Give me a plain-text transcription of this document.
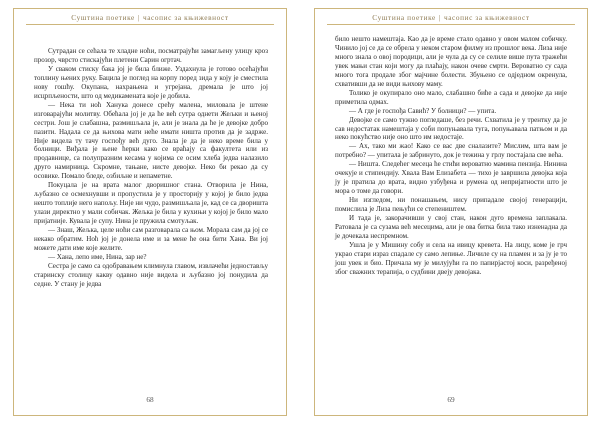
Суштина поетике | часопис за књижевност

Сутрадан се сећала те хладне ноћи, посматрајући замагљену улицу кроз прозор, чврсто стискајући плетени Сарин огртач.

У сваком стиску бака јој је била ближе. Уздахнула је готово осећајући топлину њених руку. Бацила је поглед на корпу поред зида у коју је сместила нову гошћу. Окупана, нахрањена и угрејана, дремала је што јој исцрпљености, што од медикамената које је добила.

— Нека ти ноћ Ханука донесе срећу малена, миловала је штене изговарајући молитву. Обећала јој је да ће већ сутра однети Жељки и њеној сестри. Још је слабашна, размишљала је, али је знала да ће је девојке добро пазити. Надала се да њихова мати неће имати ништа против да је задрже. Није видела ту тачу госпођу већ дуго. Знала је да је неко време била у болници. Виђала је њене ћерки како се враћају са факултета или из продавнице, са полупразним кесама у којима се осим хлеба једва налазило друго намирница. Скромне, тањане, нисте девојке. Неко би рекао да су осовике. Помало бледе, озбиљне и непаметне.

Покуцала је на врата малог дворишног стана. Отворила је Нина, љубазно се осмехнувши и пропустила је у просторију у којој је било једва нешто топлије него напољу. Није ни чудо, размишљала је, кад се са дворишта улази директно у мали собичак. Жељка је била у кухињи у којој је било мало пријатније. Кувала је супу. Нина је пружила смотуљак.

— Знаш, Жељка, целе ноћи сам разговарала са њом. Морала сам да јој се некако обратим. Ноћ јој је донела име и за мене ће она бити Хана. Ви јој можете дати име које желите.

— Хана, лепо име, Нина, зар не?

Сестра је само са одобравањем климнула главом, извлачећи једностављу старинску столицу какву одавно није видела и љубазно јој понудила да седне. У стану је једва

68
Суштина поетике | часопис за књижевност

било нешто намештаја. Као да је време стало одавно у овом малом собичку. Чинило јој се да се обрела у неком старом филму из прошлог века. Лиза није много знала о овој породици, али је чула да су се селиле више пута тражећи увек мањи стан који могу да плаћају, након очеве смрти. Вероватно су сада много тога продале због мајчине болести. Збуњено се одједном окренула, схвативши да не види њихову маму.

Толико је окупирало оно мало, слабашно биће а сада и девојке да није приметила одмах.

— А где је госпођа Савић? У болници? — упита.

Девојке се само тужно погледаше, без речи. Схватила је у трентку да је сав недостатак намештаја у соби попуњавала туга, попуњавала патњом и да неко покућство није оно што им недостаје.

— Ах, тако ми жао! Како се вас две сналазите? Мислим, шта вам је потребно? — упитала је забринуто, док је тежина у грлу постајала све већа.

— Ништа. Следећег месеца ће стићи вероватно мамина пензија. Нинина очекује и стипендију. Хвала Вам Елизабета — тихо је завршила девојка која ју је пратила до врата, видно узбуђена и румена од непријатности што је мора о томе да говори.

Ни изгледом, ни понашањем, нису припадале својој генерацији, помислила је Лиза пењући се степеништем.

И тада је, закорачивши у свој стан, након дуго времена заплакала. Ратовала је са сузама већ месецима, али је ова битка била тако изненадна да је дочекала неспремном.

Ушла је у Мишину собу и села на ивицу кревета. На лицу, коме је грч украо стари израз спадале су само лепиње. Личиле су на пламен и за ју је то још увек и био. Причала му је милујући га по папирјастој коси, разређеној због сважних терапија, о судбини двеју девојака.

69
